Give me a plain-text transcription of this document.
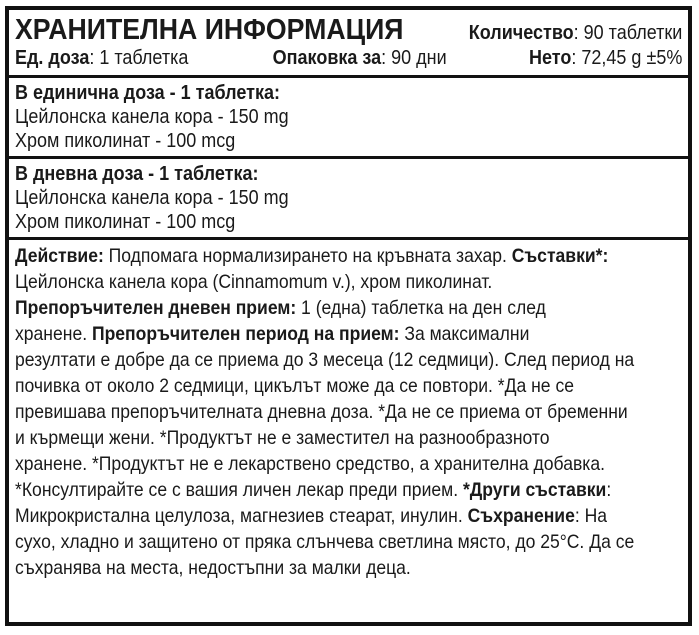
ХРАНИТЕЛНА ИНФОРМАЦИЯ	Количество: 90 таблетки
Ед. доза: 1 таблетка	Опаковка за: 90 дни	Нето: 72,45 g ±5%
В единична доза - 1 таблетка:
Цейлонска канела кора - 150 mg
Хром пиколинат - 100 mcg
В дневна доза - 1 таблетка:
Цейлонска канела кора - 150 mg
Хром пиколинат - 100 mcg
Действие: Подпомага нормализирането на кръвната захар. Съставки*:
Цейлонска канела кора (Cinnamomum v.), хром пиколинат.
Препоръчителен дневен прием: 1 (една) таблетка на ден след
хранене. Препоръчителен период на прием: За максимални
резултати е добре да се приема до 3 месеца (12 седмици). След период на
почивка от около 2 седмици, цикълът може да се повтори. *Да не се
превишава препоръчителната дневна доза. *Да не се приема от бременни
и кърмещи жени. *Продуктът не е заместител на разнообразното
хранене. *Продуктът не е лекарствено средство, а хранителна добавка.
*Консултирайте се с вашия личен лекар преди прием. *Други съставки:
Микрокристална целулоза, магнезиев стеарат, инулин. Съхранение: На
сухо, хладно и защитено от пряка слънчева светлина място, до 25°С. Да се
съхранява на места, недостъпни за малки деца.
